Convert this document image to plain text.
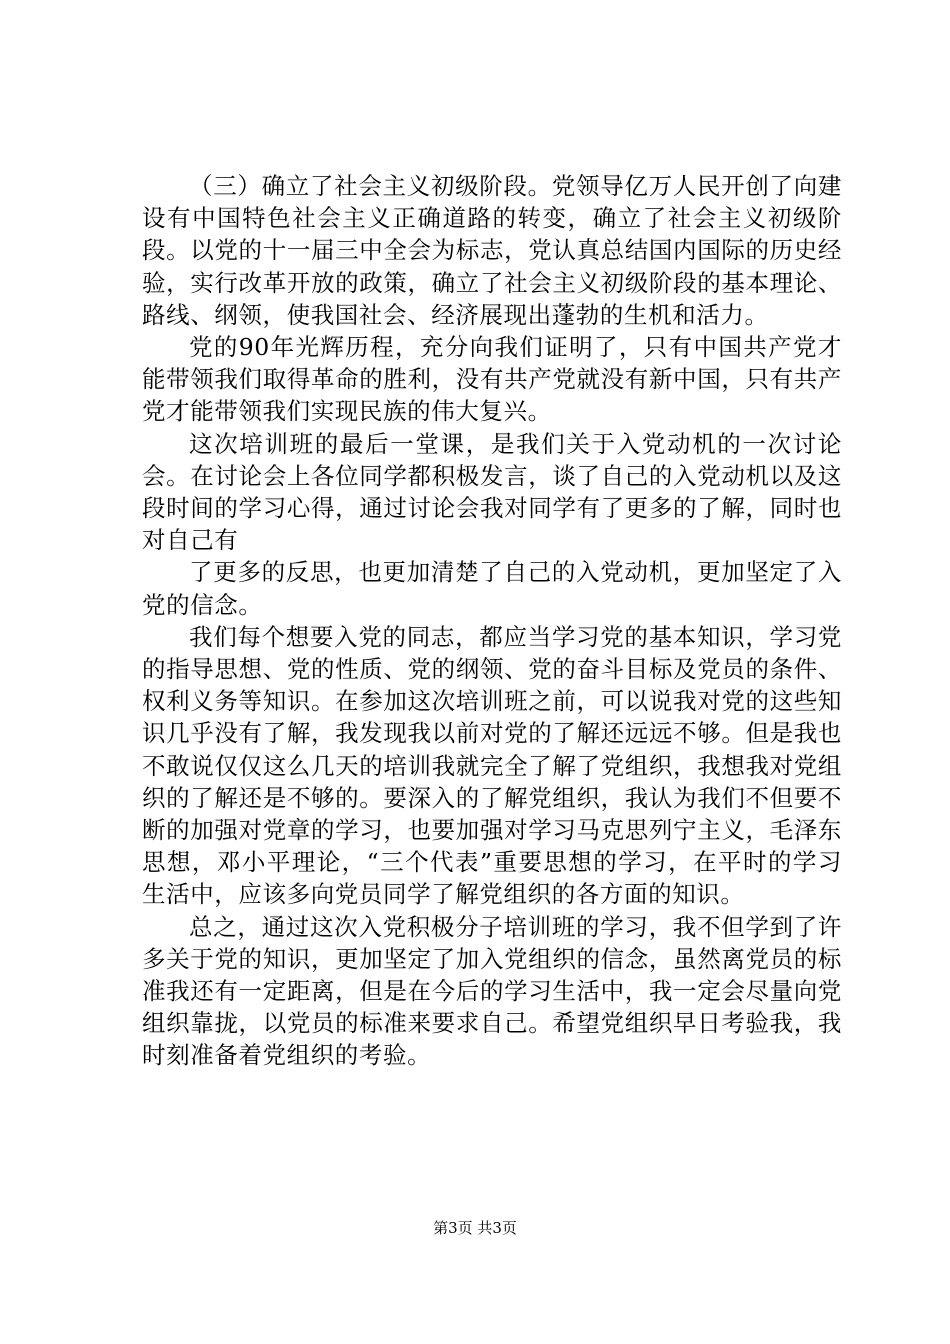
（三）确立了社会主义初级阶段。党领导亿万人民开创了向建设有中国特色社会主义正确道路的转变，确立了社会主义初级阶段。以党的十一届三中全会为标志，党认真总结国内国际的历史经验，实行改革开放的政策，确立了社会主义初级阶段的基本理论、路线、纲领，使我国社会、经济展现出蓬勃的生机和活力。

党的90年光辉历程，充分向我们证明了，只有中国共产党才能带领我们取得革命的胜利，没有共产党就没有新中国，只有共产党才能带领我们实现民族的伟大复兴。

这次培训班的最后一堂课，是我们关于入党动机的一次讨论会。在讨论会上各位同学都积极发言，谈了自己的入党动机以及这段时间的学习心得，通过讨论会我对同学有了更多的了解，同时也对自己有

了更多的反思，也更加清楚了自己的入党动机，更加坚定了入党的信念。

我们每个想要入党的同志，都应当学习党的基本知识，学习党的指导思想、党的性质、党的纲领、党的奋斗目标及党员的条件、权利义务等知识。在参加这次培训班之前，可以说我对党的这些知识几乎没有了解，我发现我以前对党的了解还远远不够。但是我也不敢说仅仅这么几天的培训我就完全了解了党组织，我想我对党组织的了解还是不够的。要深入的了解党组织，我认为我们不但要不断的加强对党章的学习，也要加强对学习马克思列宁主义，毛泽东思想，邓小平理论，“三个代表”重要思想的学习，在平时的学习生活中，应该多向党员同学了解党组织的各方面的知识。

总之，通过这次入党积极分子培训班的学习，我不但学到了许多关于党的知识，更加坚定了加入党组织的信念，虽然离党员的标准我还有一定距离，但是在今后的学习生活中，我一定会尽量向党组织靠拢，以党员的标准来要求自己。希望党组织早日考验我，我时刻准备着党组织的考验。

第3页 共3页
